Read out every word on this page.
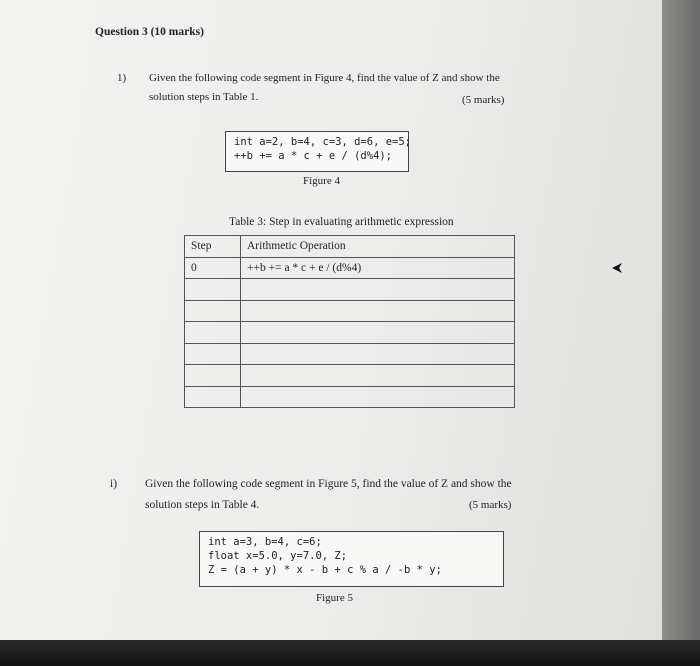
Question 3 (10 marks)
1) Given the following code segment in Figure 4, find the value of Z and show the
solution steps in Table 1.	(5 marks)
int a=2, b=4, c=3, d=6, e=5;
++b += a * c + e / (d%4);
Figure 4
Table 3: Step in evaluating arithmetic expression
Step	Arithmetic Operation
0	++b += a * c + e / (d%4)

i) Given the following code segment in Figure 5, find the value of Z and show the
solution steps in Table 4.	(5 marks)
int a=3, b=4, c=6;
float x=5.0, y=7.0, Z;
Z = (a + y) * x - b + c % a / -b * y;
Figure 5
